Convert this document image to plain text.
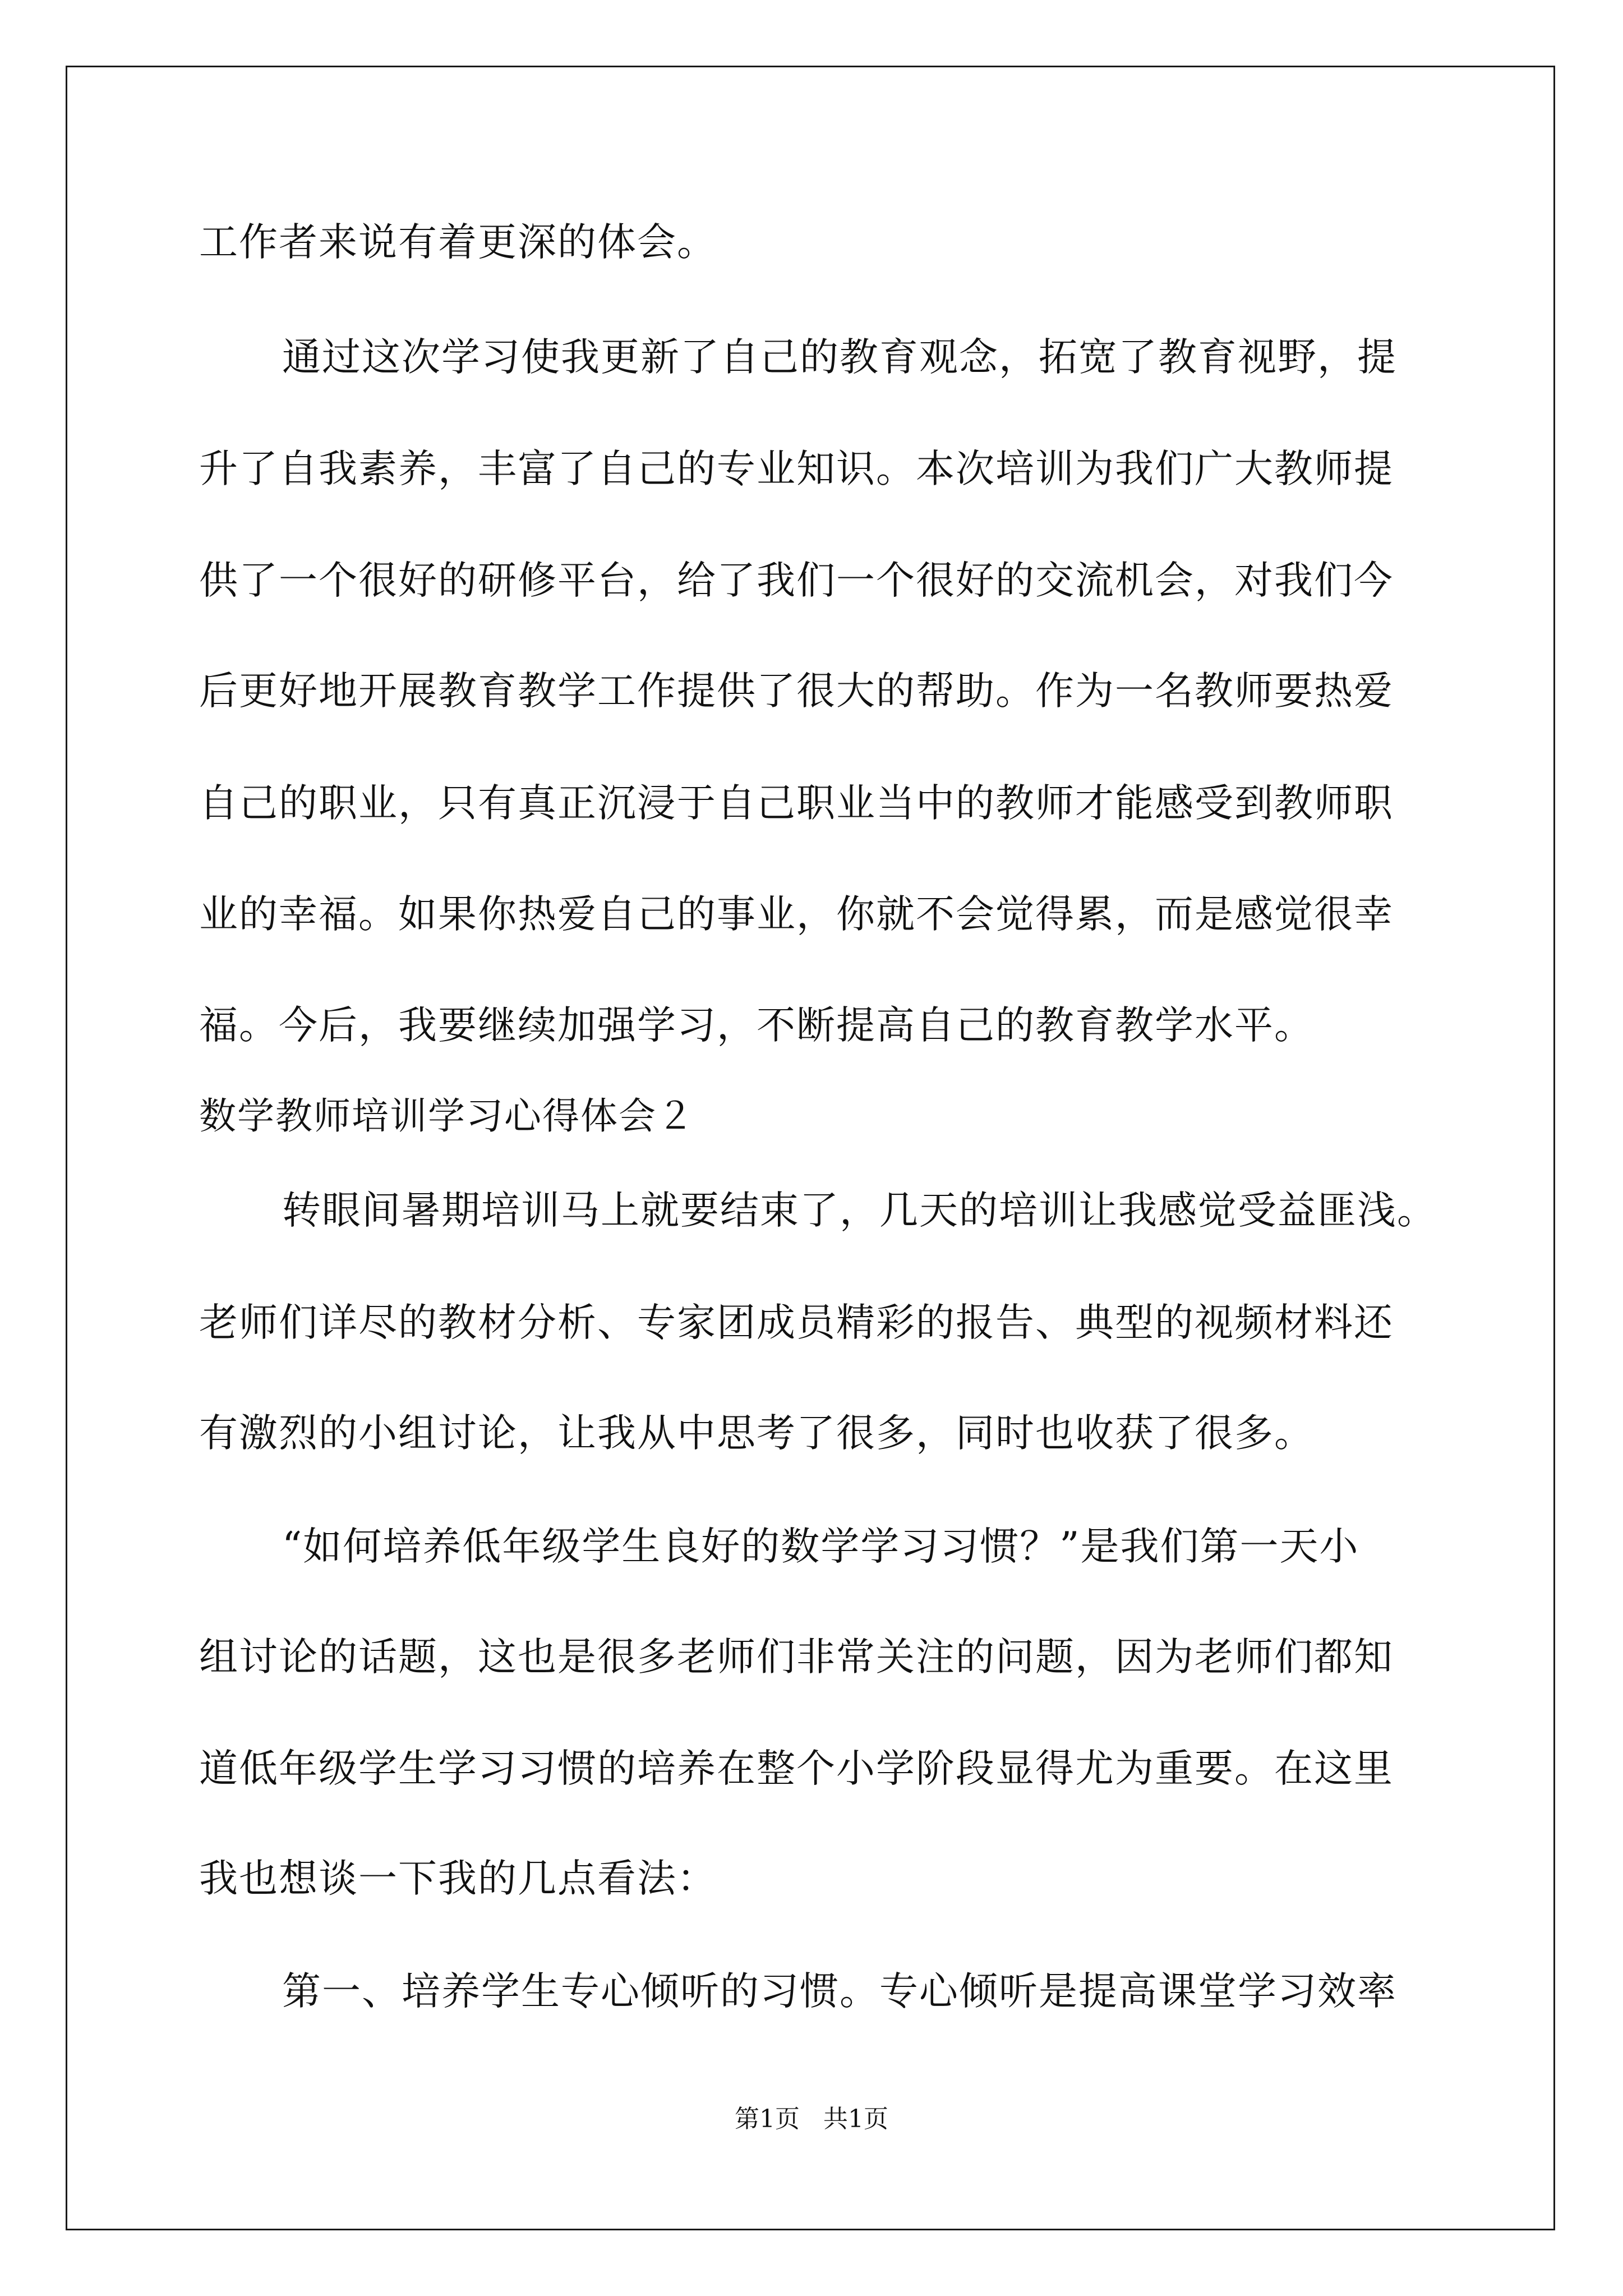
工作者来说有着更深的体会。
通过这次学习使我更新了自己的教育观念，拓宽了教育视野，提
升了自我素养，丰富了自己的专业知识。本次培训为我们广大教师提
供了一个很好的研修平台，给了我们一个很好的交流机会，对我们今
后更好地开展教育教学工作提供了很大的帮助。作为一名教师要热爱
自己的职业，只有真正沉浸于自己职业当中的教师才能感受到教师职
业的幸福。如果你热爱自己的事业，你就不会觉得累，而是感觉很幸
福。今后，我要继续加强学习，不断提高自己的教育教学水平。
数学教师培训学习心得体会２
转眼间暑期培训马上就要结束了，几天的培训让我感觉受益匪浅。
老师们详尽的教材分析、专家团成员精彩的报告、典型的视频材料还
有激烈的小组讨论，让我从中思考了很多，同时也收获了很多。
“如何培养低年级学生良好的数学学习习惯？”是我们第一天小
组讨论的话题，这也是很多老师们非常关注的问题，因为老师们都知
道低年级学生学习习惯的培养在整个小学阶段显得尤为重要。在这里
我也想谈一下我的几点看法：
第一、培养学生专心倾听的习惯。专心倾听是提高课堂学习效率
第1页   共1页
